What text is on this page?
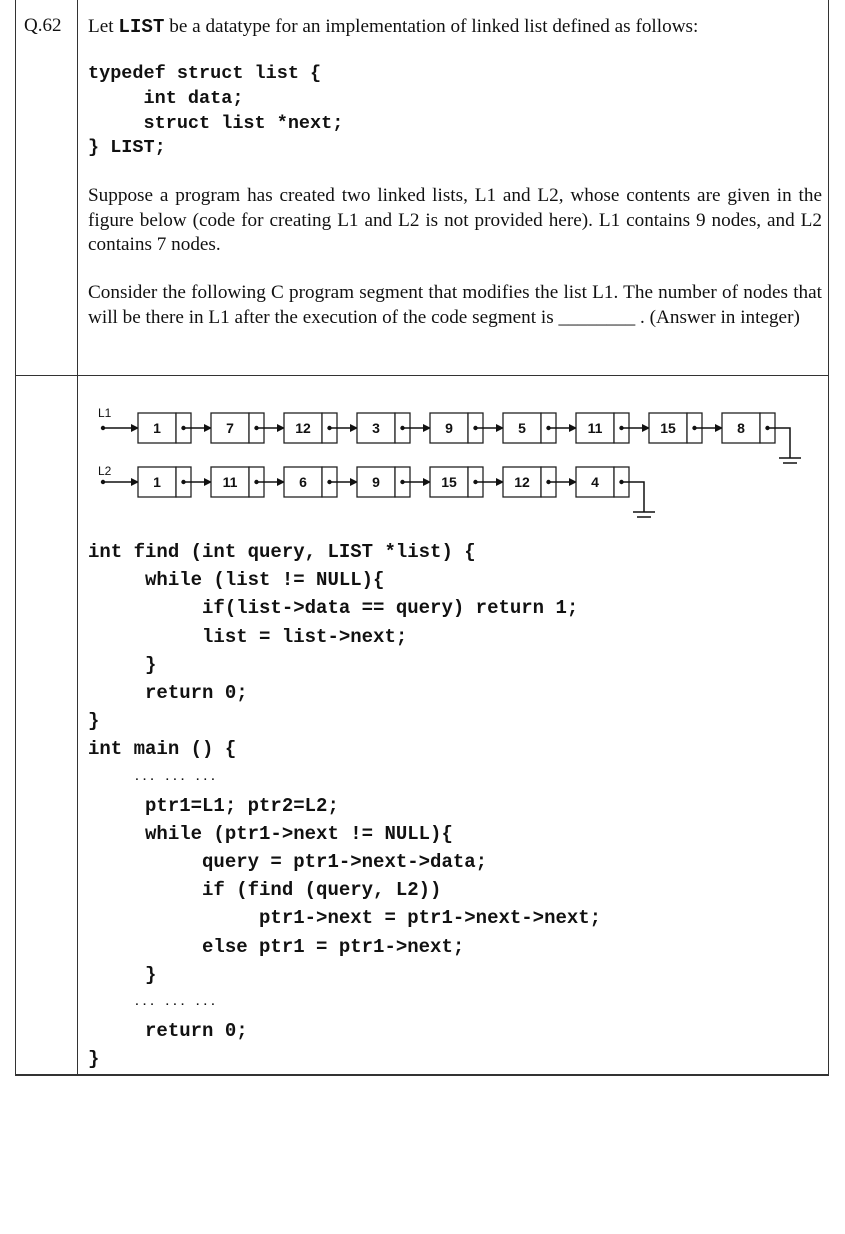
Q.62 Let LIST be a datatype for an implementation of linked list defined as follows:
typedef struct list {
int data;
struct list *next;
} LIST;
Suppose a program has created two linked lists, L1 and L2, whose contents are given in the figure below (code for creating L1 and L2 is not provided here). L1 contains 9 nodes, and L2 contains 7 nodes.
Consider the following C program segment that modifies the list L1. The number of nodes that will be there in L1 after the execution of the code segment is ________ . (Answer in integer)
L1
1	7	12	3	9	5	11	15	8
L2
1	11	6	9	15	12	4
int find (int query, LIST *list) {
while (list != NULL){
if(list->data == query) return 1;
list = list->next;
}
return 0;
}
int main () {
... ... ...
ptr1=L1; ptr2=L2;
while (ptr1->next != NULL){
query = ptr1->next->data;
if (find (query, L2))
ptr1->next = ptr1->next->next;
else ptr1 = ptr1->next;
}
... ... ...
return 0;
}
